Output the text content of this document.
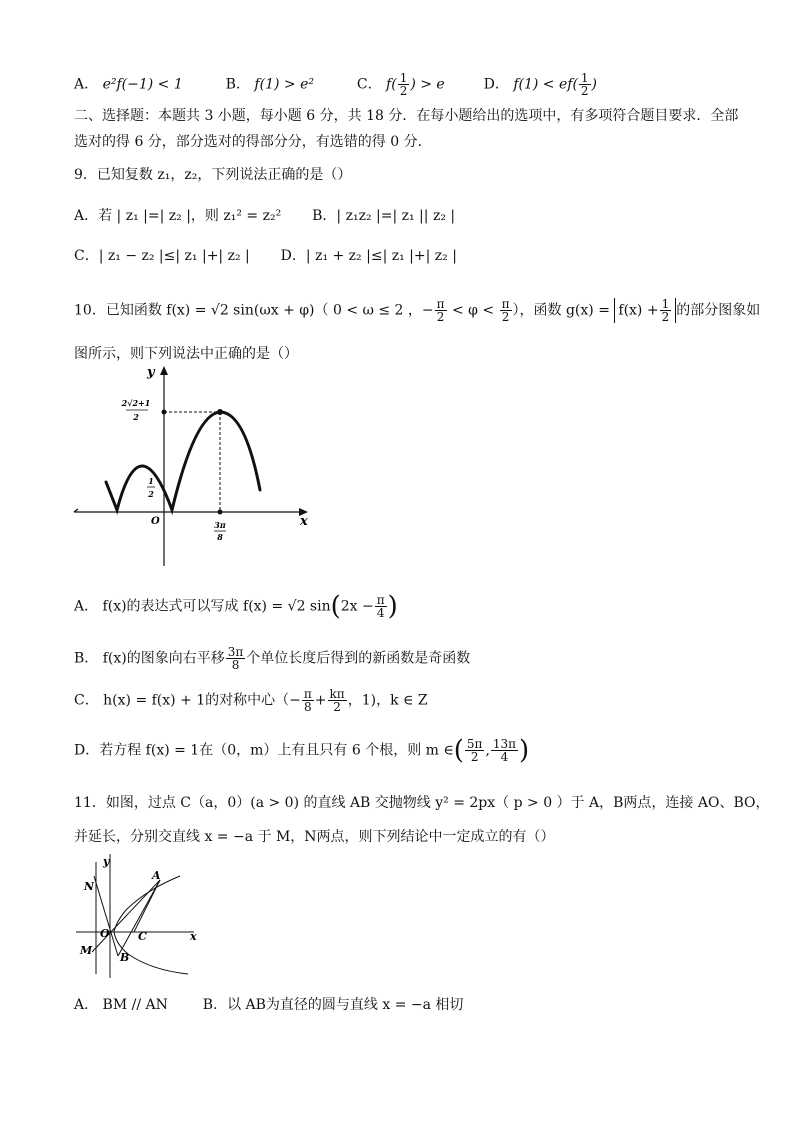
A． e²f(−1) < 1	B． f(1) > e²	C． $f( \frac{1}{2}$ ) > e	D． $f(1) < ef( \frac{1}{2}$ )
二、选择题：本题共 3 小题，每小题 6 分，共 18 分．在每小题给出的选项中，有多项符合题目要求．全部
选对的得 6 分，部分选对的得部分分，有选错的得 0 分．
9．已知复数 z₁，z₂，下列说法正确的是（）
A．若 | z₁ |=| z₂ |，则 z₁² = z₂² B．| z₁z₂ |=| z₁ || z₂ |
C．| z₁ − z₂ |≤| z₁ |+| z₂ | D．| z₁ + z₂ |≤| z₁ |+| z₂ |
10．已知函数 f(x) = √2 sin(ωx + φ)（ 0 < ω ≤ 2 ，− $\frac{\pi}{2} < \varphi < \frac{\pi}{2}$ ），函数 $g(x) = f(x) + \frac{1}{2}$ 的部分图象如
图所示，则下列说法中正确的是（）
y
x
O
2√2+1
2
1
2
3π
8
A． f(x)的表达式可以写成 f(x) = √2 $\sin(2x - \frac{\pi}{4}$ )
B． f(x)的图象向右平移 $\frac{3\pi}{8}$ 个单位长度后得到的新函数是奇函数
C． h(x) = f(x) + 1的对称中心（− $\frac{\pi}{8} + \frac{k\pi}{2}$ ，1)，k ∈ Z
D．若方程 f(x) = 1在（0，m）上有且只有 6 个根，则 m ∈( $\frac{5\pi}{2}$ , $\frac{13\pi}{4}$ )
11．如图，过点 C（a，0）(a > 0) 的直线 AB 交抛物线 y² = 2px（ p > 0 ）于 A，B两点，连接 AO、BO，
并延长，分别交直线 x = −a 于 M，N两点，则下列结论中一定成立的有（）
y
x
N
A
O	C
M
B
A． BM // AN B．以 AB为直径的圆与直线 x = −a 相切
